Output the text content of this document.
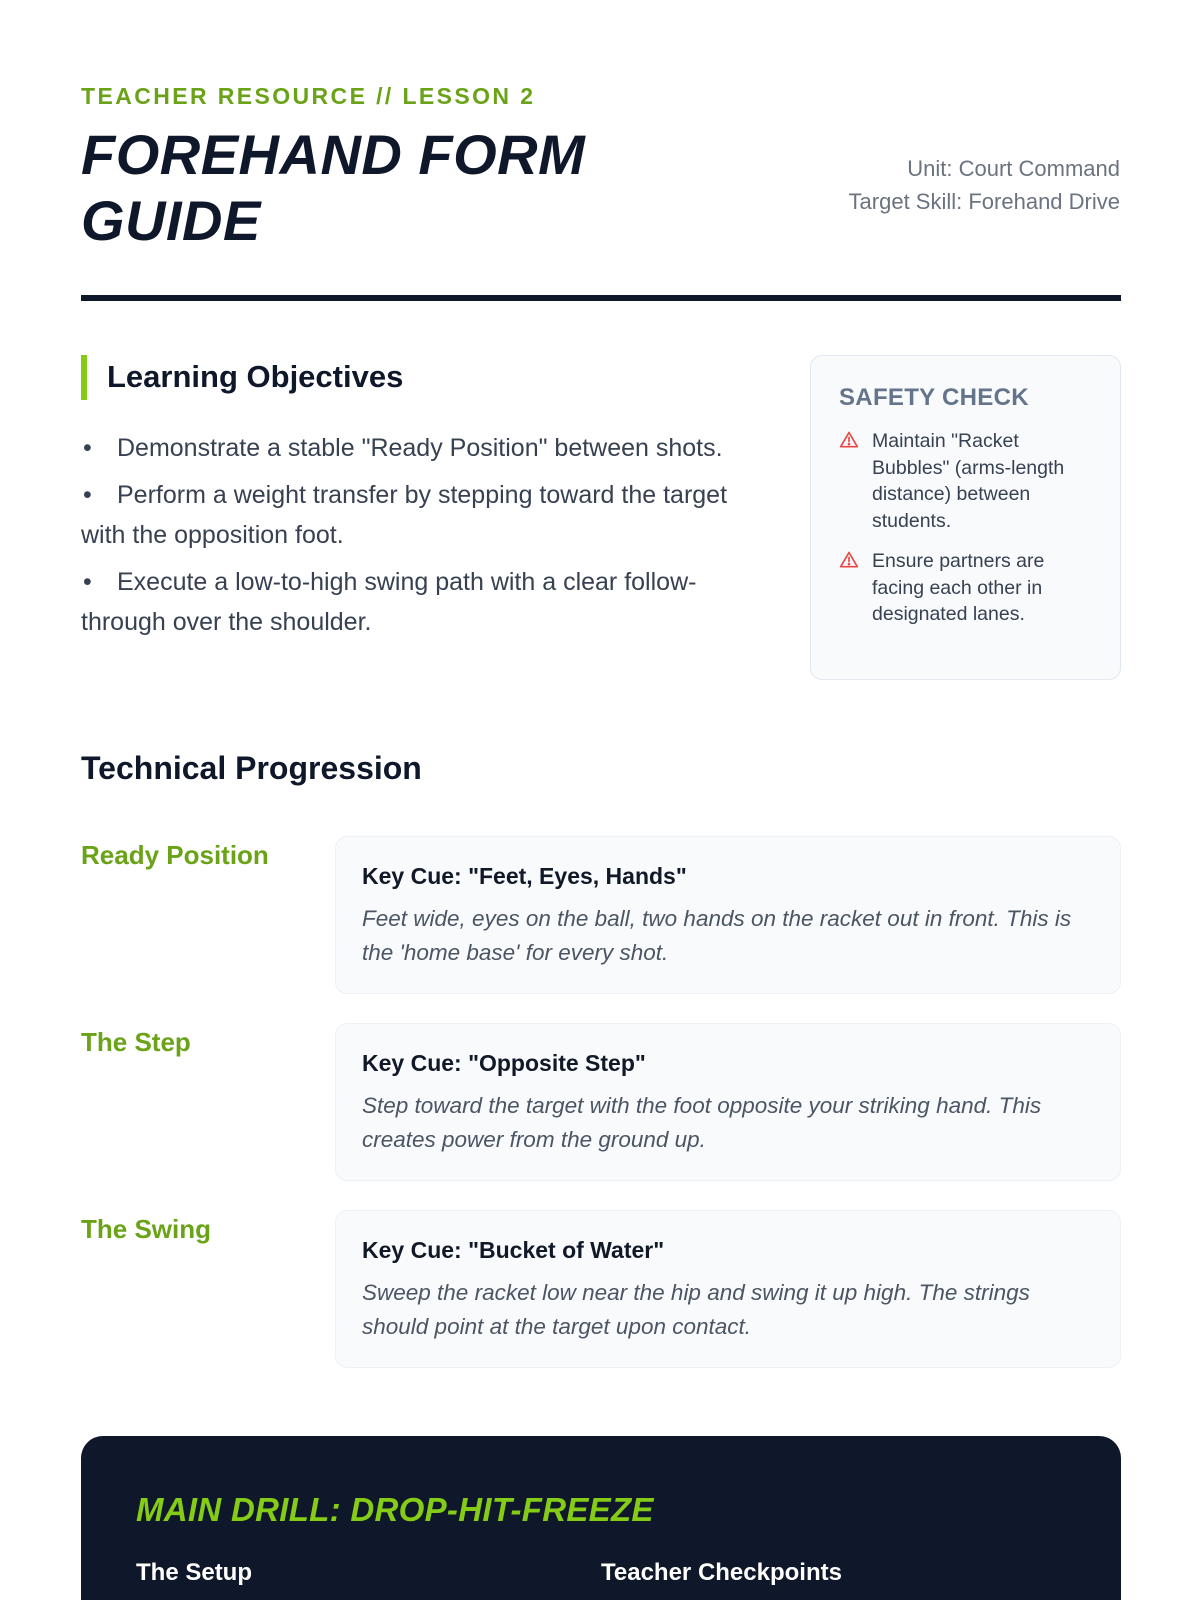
TEACHER RESOURCE // LESSON 2
FOREHAND FORM GUIDE
Unit: Court Command
Target Skill: Forehand Drive
Learning Objectives
• Demonstrate a stable "Ready Position" between shots.
• Perform a weight transfer by stepping toward the target with the opposition foot.
• Execute a low-to-high swing path with a clear follow-through over the shoulder.
SAFETY CHECK
Maintain "Racket Bubbles" (arms-length distance) between students.
Ensure partners are facing each other in designated lanes.
Technical Progression
Ready Position
Key Cue: "Feet, Eyes, Hands"
Feet wide, eyes on the ball, two hands on the racket out in front. This is the 'home base' for every shot.
The Step
Key Cue: "Opposite Step"
Step toward the target with the foot opposite your striking hand. This creates power from the ground up.
The Swing
Key Cue: "Bucket of Water"
Sweep the racket low near the hip and swing it up high. The strings should point at the target upon contact.
MAIN DRILL: DROP-HIT-FREEZE
The Setup	Teacher Checkpoints
